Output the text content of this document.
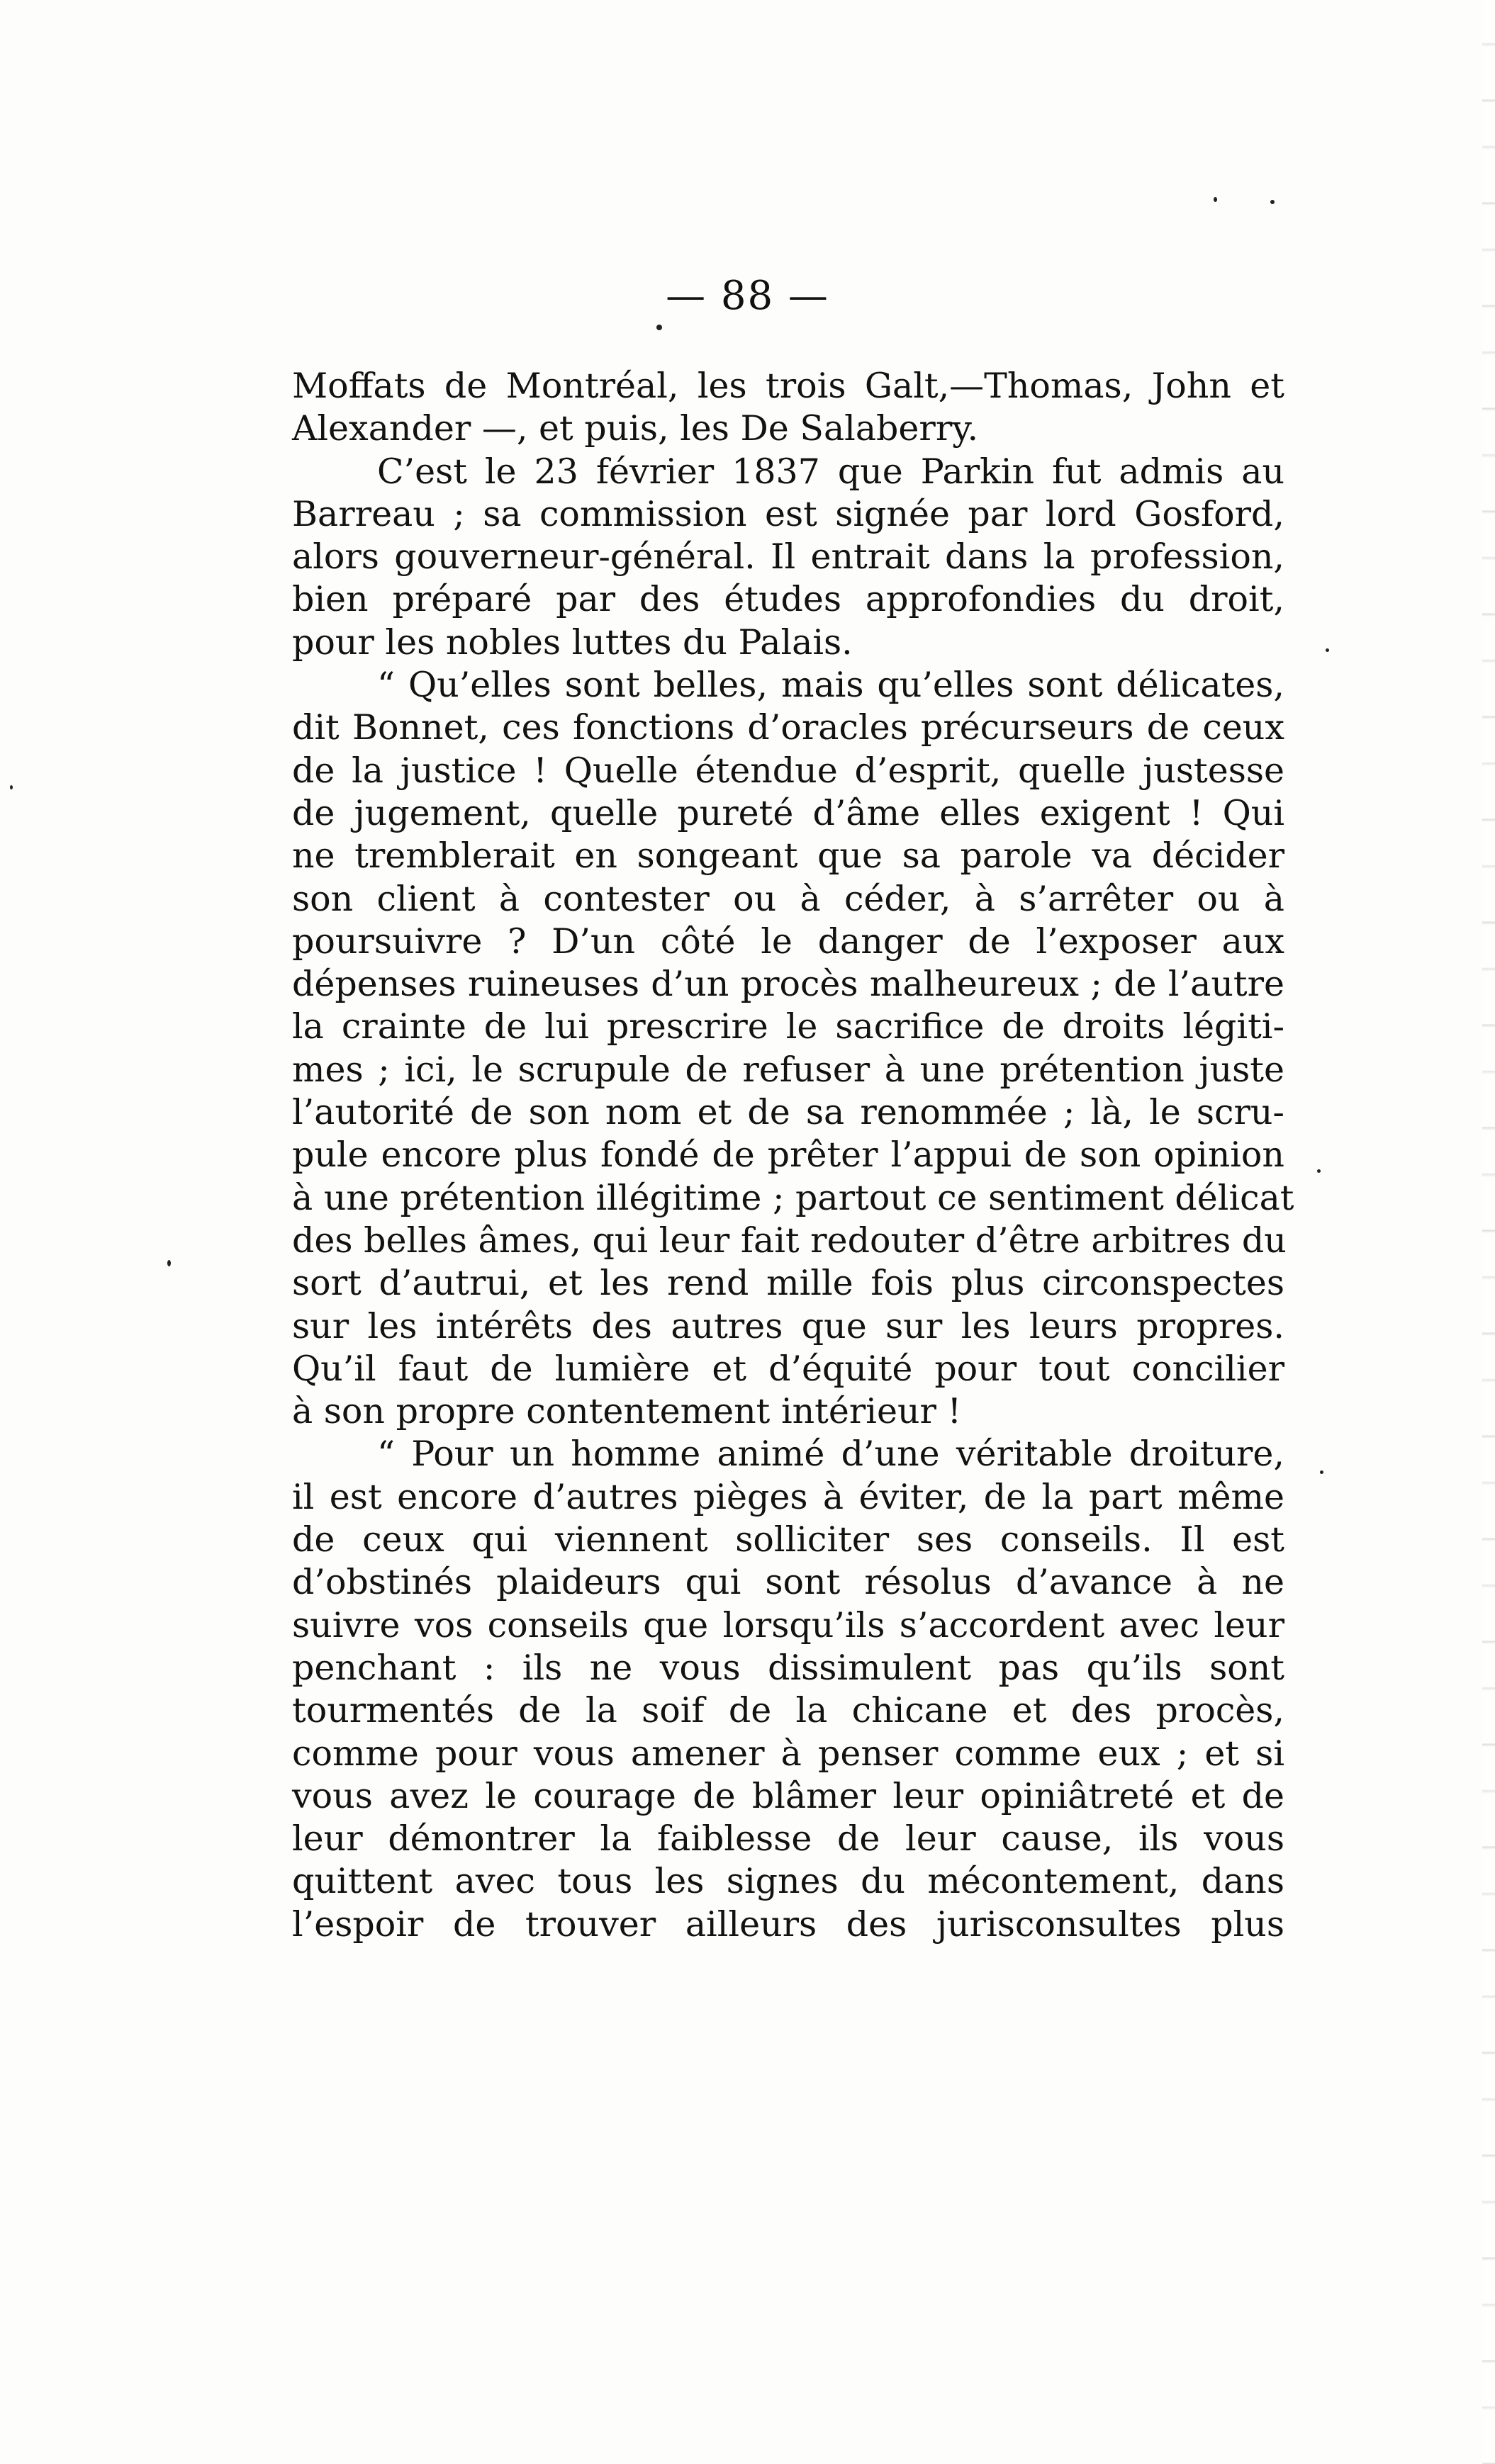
— 88 —
Moffats de Montréal, les trois Galt,—Thomas, John et
Alexander —, et puis, les De Salaberry.
C’est le 23 février 1837 que Parkin fut admis au
Barreau ; sa commission est signée par lord Gosford,
alors gouverneur-général. Il entrait dans la profession,
bien préparé par des études approfondies du droit,
pour les nobles luttes du Palais.
“ Qu’elles sont belles, mais qu’elles sont délicates,
dit Bonnet, ces fonctions d’oracles précurseurs de ceux
de la justice ! Quelle étendue d’esprit, quelle justesse
de jugement, quelle pureté d’âme elles exigent ! Qui
ne tremblerait en songeant que sa parole va décider
son client à contester ou à céder, à s’arrêter ou à
poursuivre ? D’un côté le danger de l’exposer aux
dépenses ruineuses d’un procès malheureux ; de l’autre
la crainte de lui prescrire le sacrifice de droits légiti-
mes ; ici, le scrupule de refuser à une prétention juste
l’autorité de son nom et de sa renommée ; là, le scru-
pule encore plus fondé de prêter l’appui de son opinion
à une prétention illégitime ; partout ce sentiment délicat
des belles âmes, qui leur fait redouter d’être arbitres du
sort d’autrui, et les rend mille fois plus circonspectes
sur les intérêts des autres que sur les leurs propres.
Qu’il faut de lumière et d’équité pour tout concilier
à son propre contentement intérieur !
“ Pour un homme animé d’une véritable droiture,
il est encore d’autres pièges à éviter, de la part même
de ceux qui viennent solliciter ses conseils. Il est
d’obstinés plaideurs qui sont résolus d’avance à ne
suivre vos conseils que lorsqu’ils s’accordent avec leur
penchant : ils ne vous dissimulent pas qu’ils sont
tourmentés de la soif de la chicane et des procès,
comme pour vous amener à penser comme eux ; et si
vous avez le courage de blâmer leur opiniâtreté et de
leur démontrer la faiblesse de leur cause, ils vous
quittent avec tous les signes du mécontement, dans
l’espoir de trouver ailleurs des jurisconsultes plus
